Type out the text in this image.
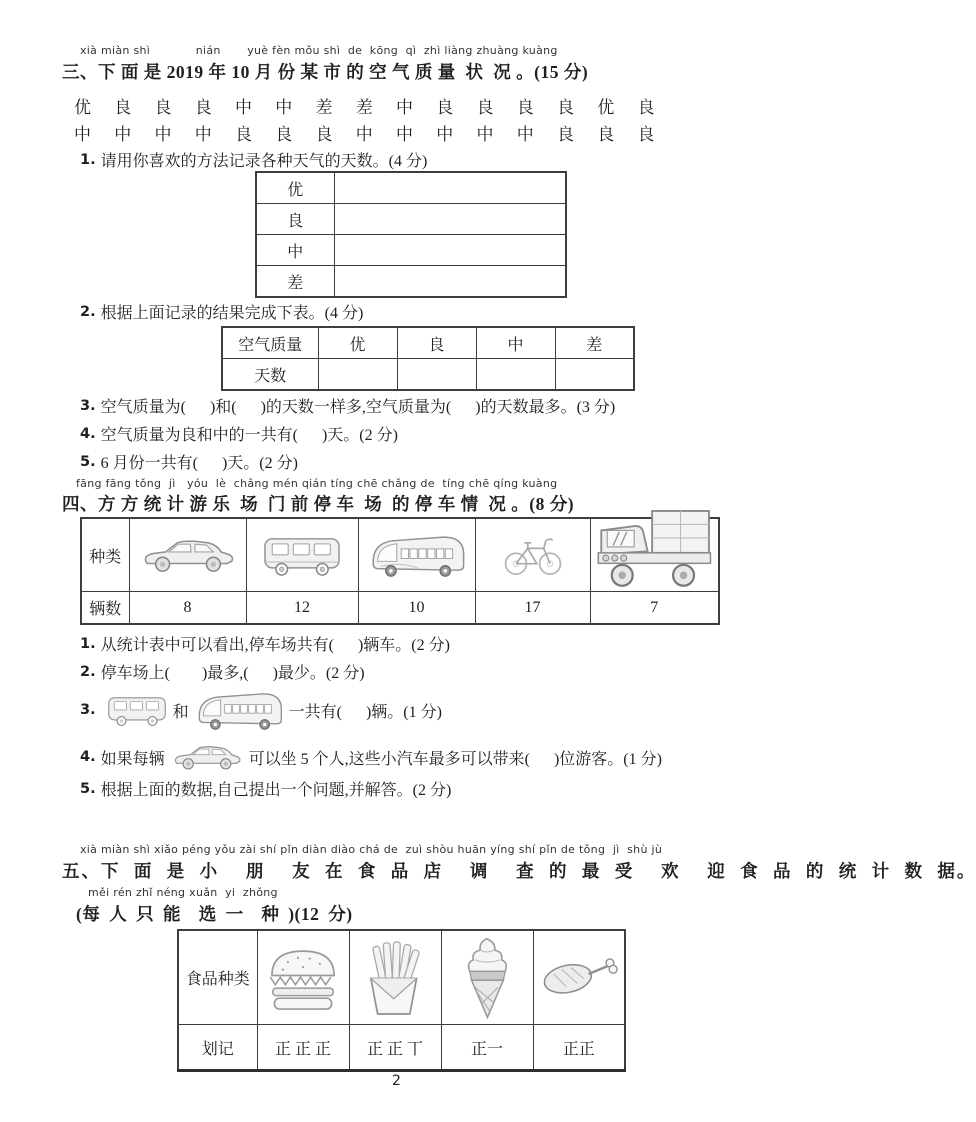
xià miàn shì            nián       yuè fèn mǒu shì  de  kōng  qì  zhì liàng zhuàng kuàng
三、下 面 是 2019 年 10 月 份 某 市 的 空 气 质 量  状  况 。(15 分)
优 良 良 良 中 中 差 差 中 良 良 良 良 优 良
中 中 中 中 良 良 良 中 中 中 中 中 良 良 良
1. 请用你喜欢的方法记录各种天气的天数。(4 分)
优	
良	
中	
差	
2. 根据上面记录的结果完成下表。(4 分)
空气质量	优	良	中	差
天数				
3. 空气质量为(      )和(      )的天数一样多,空气质量为(      )的天数最多。(3 分)
4. 空气质量为良和中的一共有(      )天。(2 分)
5. 6 月份一共有(      )天。(2 分)
fāng fāng tǒng  jì   yóu  lè  chǎng mén qián tíng chē chǎng de  tíng chē qíng kuàng
四、方 方 统 计 游 乐  场  门 前 停 车  场  的 停 车 情  况 。(8 分)
种类	

辆数	8	12	10	17	7
1. 从统计表中可以看出,停车场共有(      )辆车。(2 分)
2. 停车场上(        )最多,(      )最少。(2 分)
3.	和	一共有(      )辆。(1 分)
4. 如果每辆	可以坐 5 个人,这些小汽车最多可以带来(      )位游客。(1 分)
5. 根据上面的数据,自己提出一个问题,并解答。(2 分)
xià miàn shì xiǎo péng yǒu zài shí pǐn diàn diào chá de  zuì shòu huān yíng shí pǐn de tǒng  jì  shù jù
五、下 面 是 小  朋  友 在 食 品 店  调  查 的 最 受  欢  迎 食 品 的 统 计 数 据。
měi rén zhǐ néng xuǎn  yi  zhǒng
(每 人 只 能  选 一  种 )(12 分)
食品种类	

划记	正 正 正	正 正 丅	正一	正正
2
